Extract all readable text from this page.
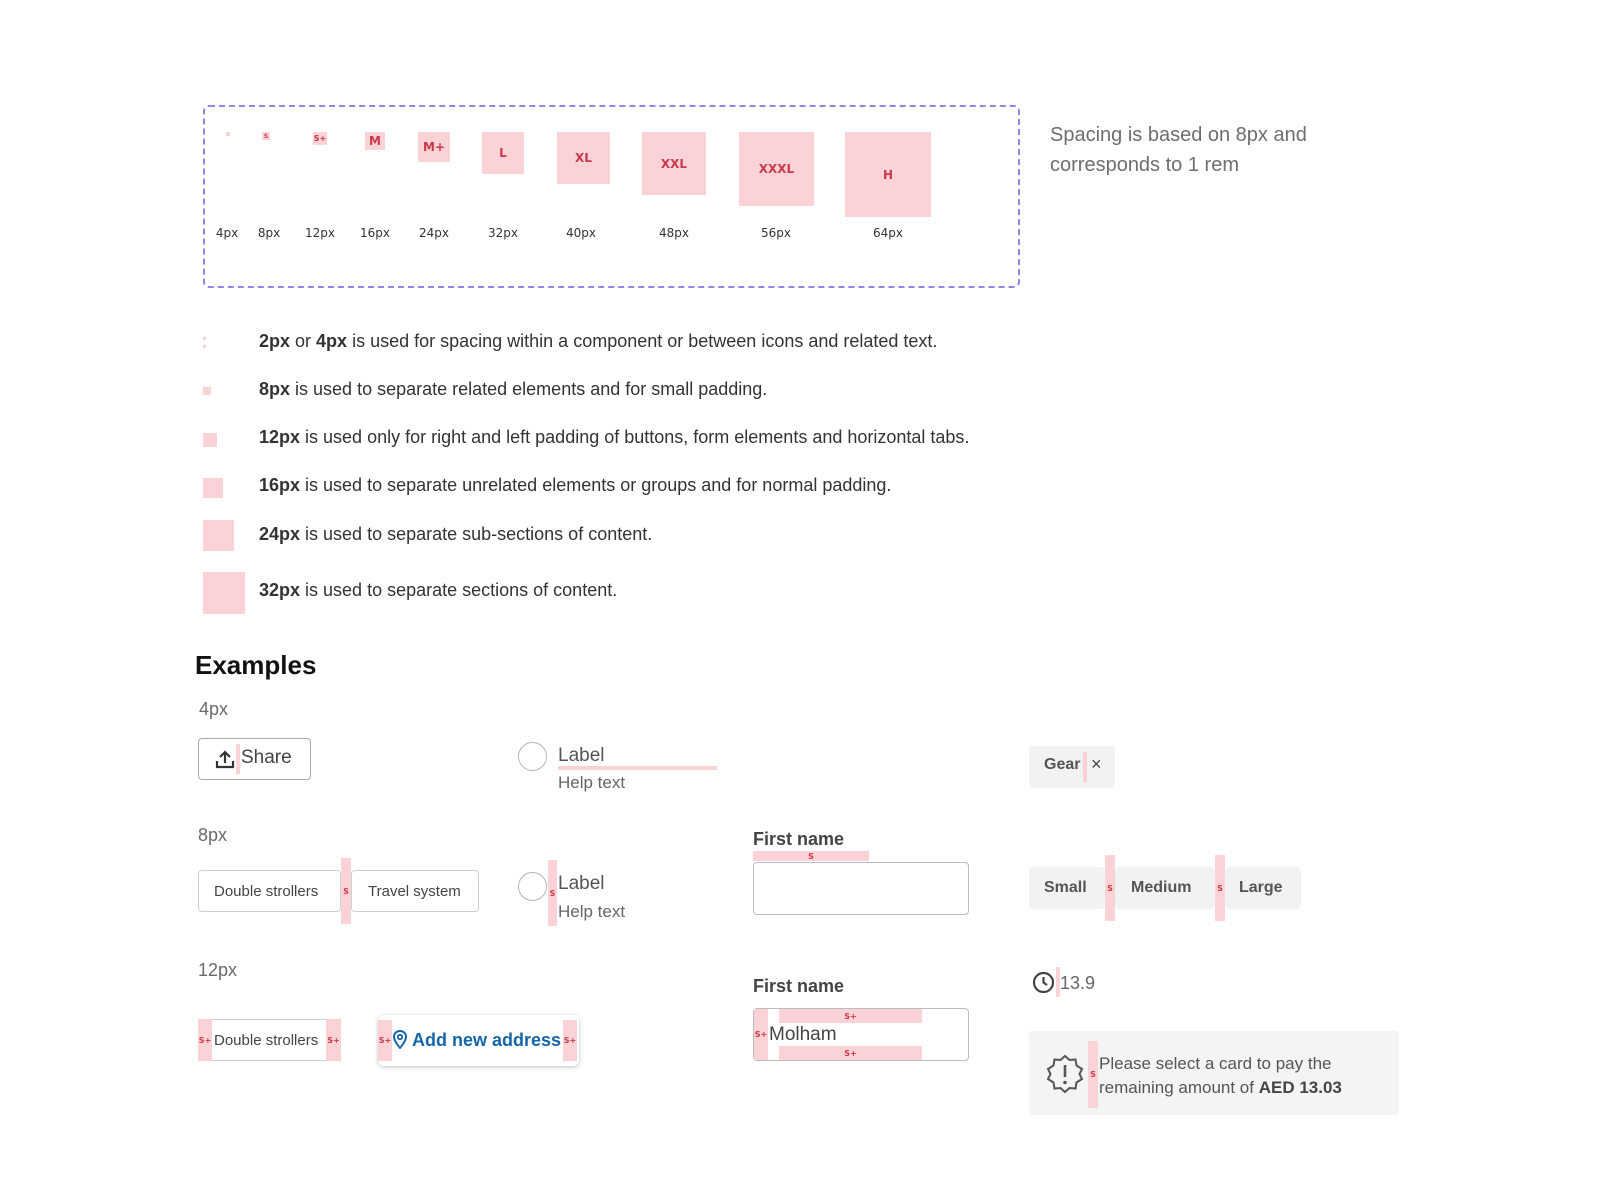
S	S+	M	M+	L	XL	XXL	XXXL	H
4px	8px	12px	16px	24px	32px	40px	48px	56px	64px
Spacing is based on 8px and corresponds to 1 rem
2px or 4px is used for spacing within a component or between icons and related text.
8px is used to separate related elements and for small padding.
12px is used only for right and left padding of buttons, form elements and horizontal tabs.
16px is used to separate unrelated elements or groups and for normal padding.
24px is used to separate sub-sections of content.
32px is used to separate sections of content.
Examples
4px
8px
12px
Share	Label
Help text
Gear ×
Double strollers	S Travel system	S Label
Help text
First name
S
Small	S Medium	S Large
S+ Double strollers S+	S+ Add new address S+
First name
S+
S+
S+ Molham
13.9
S
Please select a card to pay the remaining amount of AED 13.03
